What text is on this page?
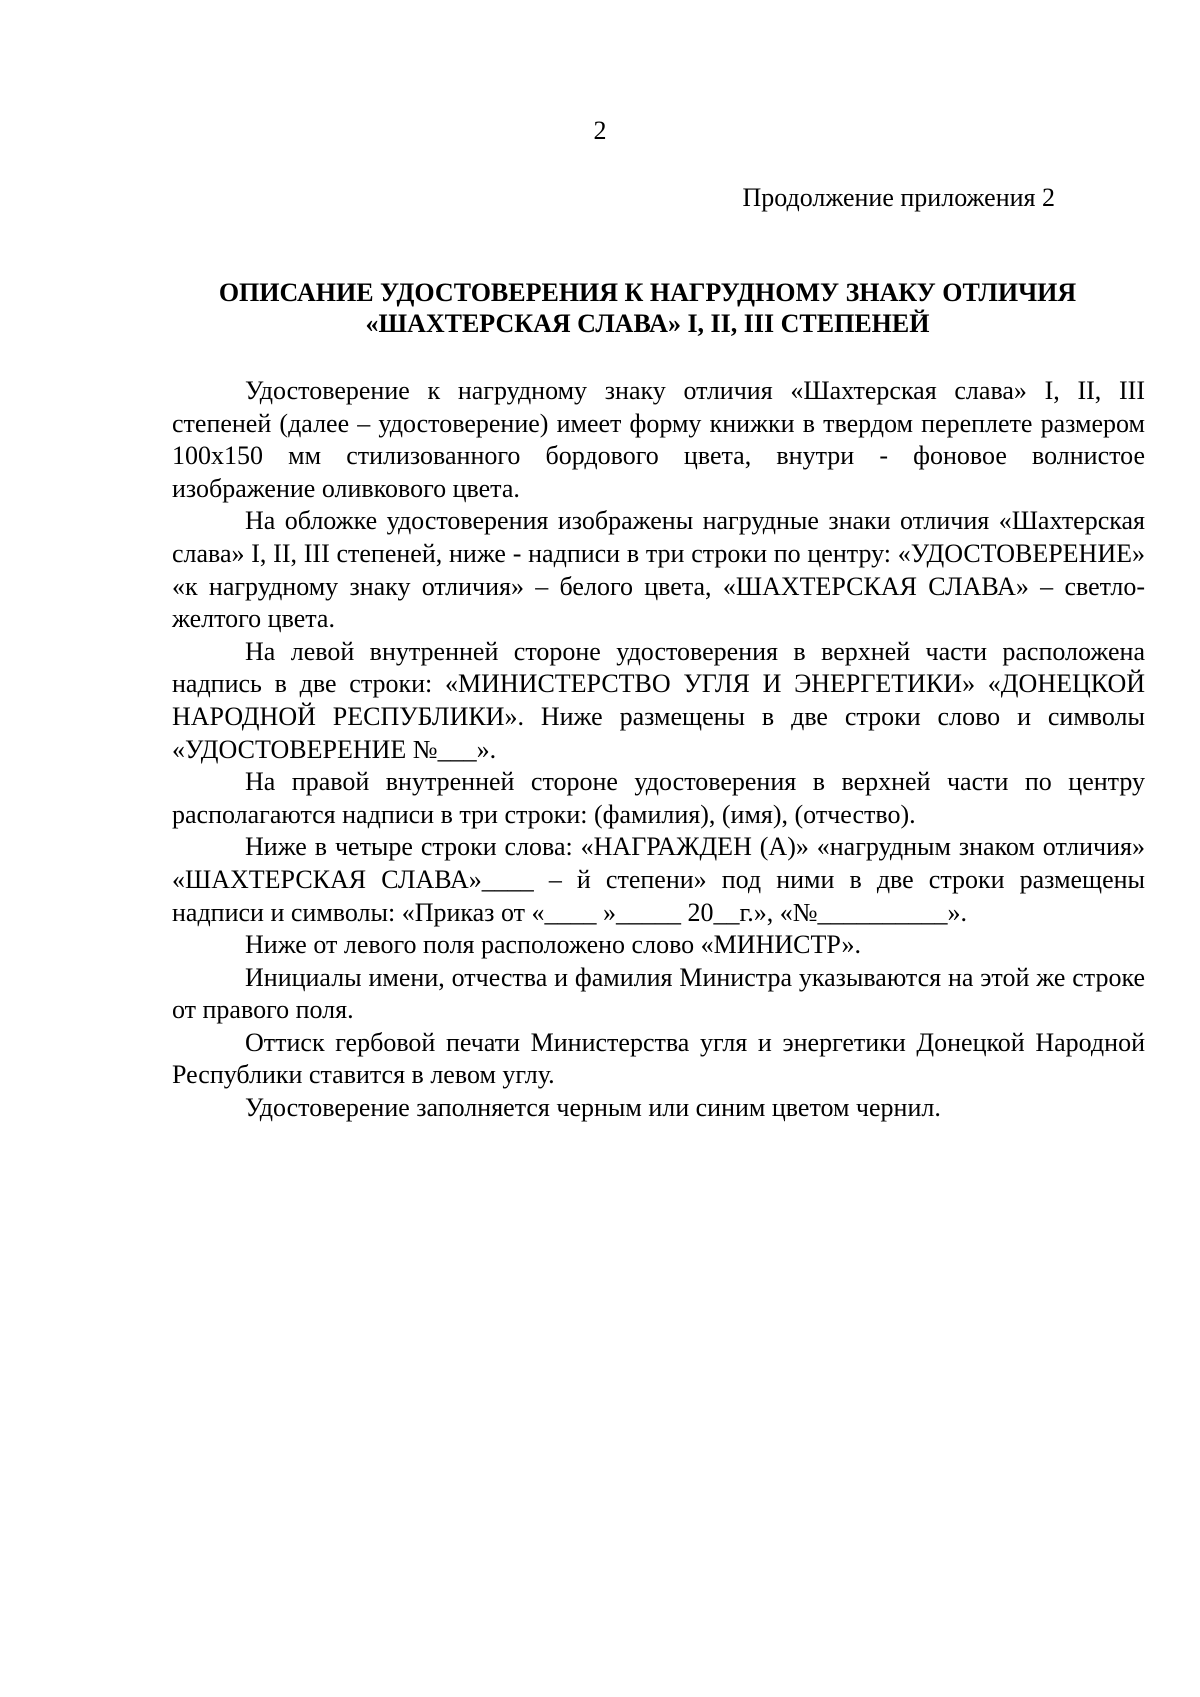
2
Продолжение приложения 2
ОПИСАНИЕ УДОСТОВЕРЕНИЯ К НАГРУДНОМУ ЗНАКУ ОТЛИЧИЯ
«ШАХТЕРСКАЯ СЛАВА» I, II, III СТЕПЕНЕЙ

Удостоверение к нагрудному знаку отличия «Шахтерская слава» I, II, III степеней (далее – удостоверение) имеет форму книжки в твердом переплете размером 100х150 мм стилизованного бордового цвета, внутри - фоновое волнистое изображение оливкового цвета.

На обложке удостоверения изображены нагрудные знаки отличия «Шахтерская слава» I, II, III степеней, ниже - надписи в три строки по центру: «УДОСТОВЕРЕНИЕ» «к нагрудному знаку отличия» – белого цвета, «ШАХТЕРСКАЯ СЛАВА» – светло-желтого цвета.

На левой внутренней стороне удостоверения в верхней части расположена надпись в две строки: «МИНИСТЕРСТВО УГЛЯ И ЭНЕРГЕТИКИ» «ДОНЕЦКОЙ НАРОДНОЙ РЕСПУБЛИКИ». Ниже размещены в две строки слово и символы «УДОСТОВЕРЕНИЕ №___».

На правой внутренней стороне удостоверения в верхней части по центру располагаются надписи в три строки: (фамилия), (имя), (отчество).

Ниже в четыре строки слова: «НАГРАЖДЕН (А)» «нагрудным знаком отличия» «ШАХТЕРСКАЯ СЛАВА»____ – й степени» под ними в две строки размещены надписи и символы: «Приказ от «____ »_____ 20__г.», «№__________».

Ниже от левого поля расположено слово «МИНИСТР».

Инициалы имени, отчества и фамилия Министра указываются на этой же строке от правого поля.

Оттиск гербовой печати Министерства угля и энергетики Донецкой Народной Республики ставится в левом углу.

Удостоверение заполняется черным или синим цветом чернил.
